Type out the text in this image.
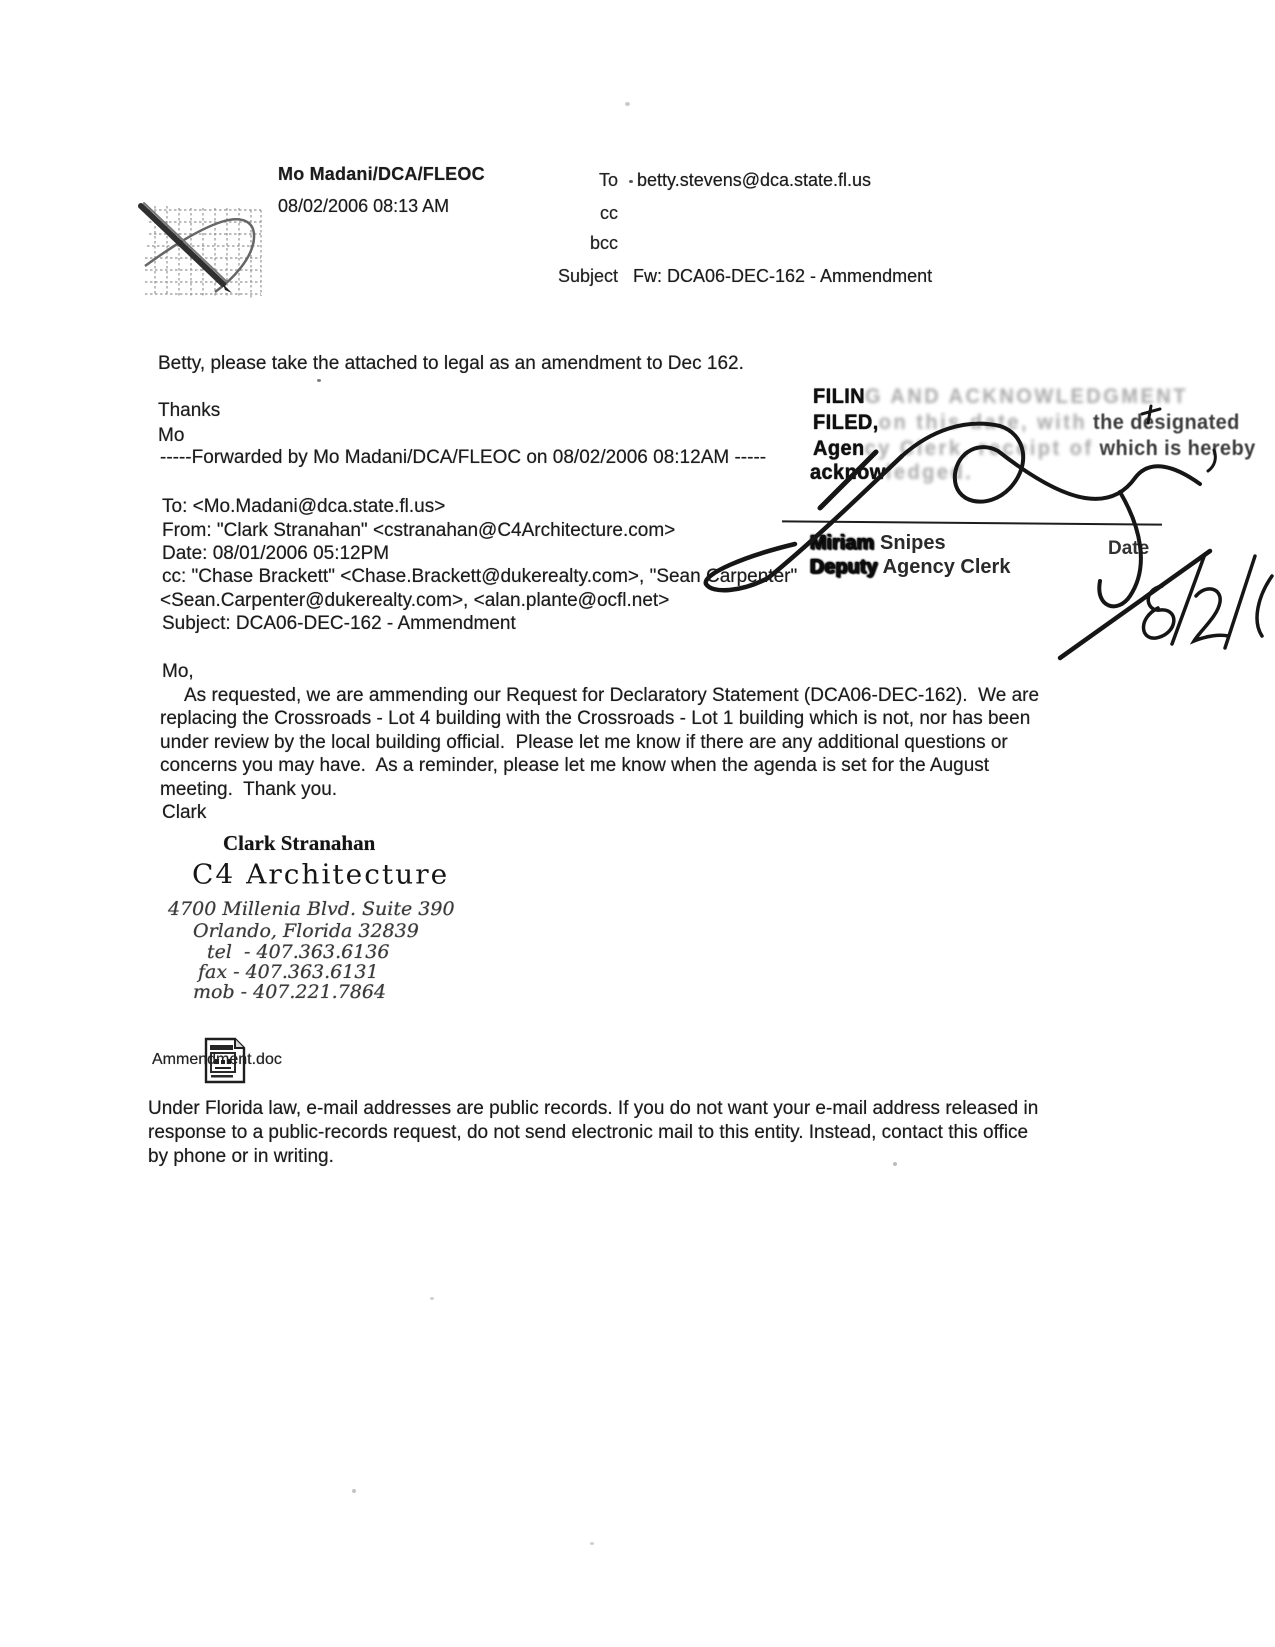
Mo Madani/DCA/FLEOC
08/02/2006 08:13 AM
To betty.stevens@dca.state.fl.us
cc
bcc
Subject Fw: DCA06-DEC-162 - Ammendment
Betty, please take the attached to legal as an amendment to Dec 162.
Thanks
Mo
-----Forwarded by Mo Madani/DCA/FLEOC on 08/02/2006 08:12AM -----
FILING AND ACKNOWLEDGMENT
FILED,on this date, with the designated
Agency Clerk, receipt of which is hereby
acknowledged.
Miriam Snipes
Deputy Agency Clerk
Date

To: <Mo.Madani@dca.state.fl.us>
From: "Clark Stranahan" <cstranahan@C4Architecture.com>
Date: 08/01/2006 05:12PM
cc: "Chase Brackett" <Chase.Brackett@dukerealty.com>, "Sean Carpenter"
<Sean.Carpenter@dukerealty.com>, <alan.plante@ocfl.net>
Subject: DCA06-DEC-162 - Ammendment
Mo,
As requested, we are ammending our Request for Declaratory Statement (DCA06-DEC-162).  We are
replacing the Crossroads - Lot 4 building with the Crossroads - Lot 1 building which is not, nor has been
under review by the local building official.  Please let me know if there are any additional questions or
concerns you may have.  As a reminder, please let me know when the agenda is set for the August
meeting.  Thank you.
Clark
Clark Stranahan
C4 Architecture
4700 Millenia Blvd. Suite 390
Orlando, Florida 32839
tel  - 407.363.6136
fax - 407.363.6131
mob - 407.221.7864

Ammendment.doc
Under Florida law, e-mail addresses are public records. If you do not want your e-mail address released in
response to a public-records request, do not send electronic mail to this entity. Instead, contact this office
by phone or in writing.
